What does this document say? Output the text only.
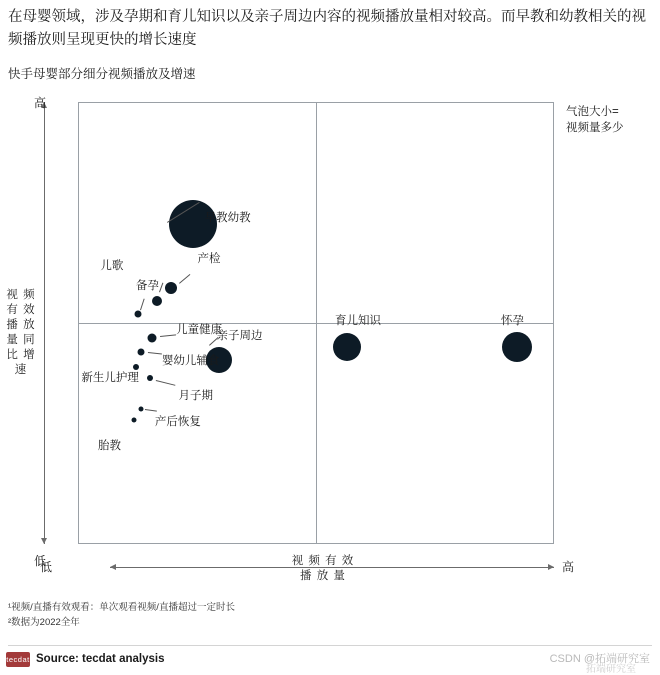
在母婴领域，涉及孕期和育儿知识以及亲子周边内容的视频播放量相对较高。而早教和幼教相关的视频播放则呈现更快的增长速度
快手母婴部分细分视频播放及增速
高
低
视 频 有 效 播 放 量 同 比 增 速
早教幼教
产检
备孕
儿歌
儿童健康
婴幼儿辅食
亲子周边
新生儿护理
月子期
产后恢复
胎教
育儿知识	怀孕
视 频 有 效
播 放 量
低	高
气泡大小=
视频量多少
¹视频/直播有效观看：单次观看视频/直播超过一定时长
²数据为2022全年
tecdat Source: tecdat analysis	CSDN @拓端研究室
拓端研究室
